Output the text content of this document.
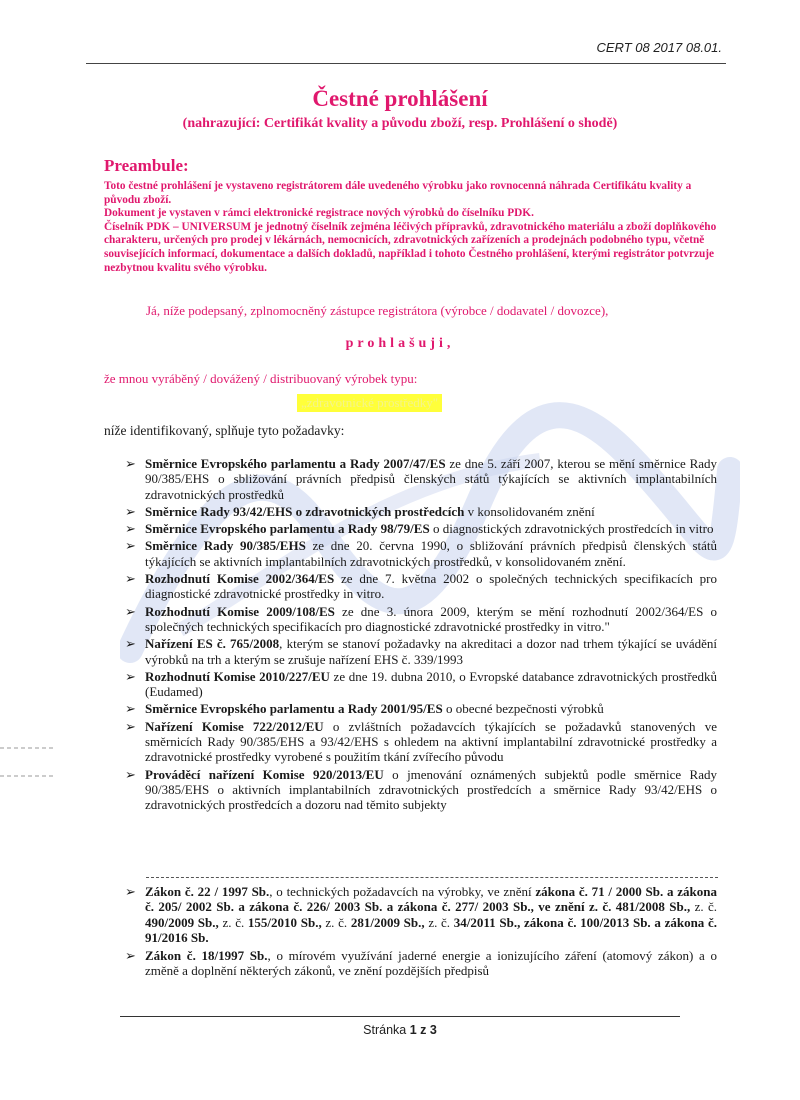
CERT 08 2017 08.01.
Čestné prohlášení
(nahrazující: Certifikát kvality a původu zboží, resp. Prohlášení o shodě)
Preambule:

Toto čestné prohlášení je vystaveno registrátorem dále uvedeného výrobku jako rovnocenná náhrada Certifikátu kvality a původu zboží.

Dokument je vystaven v rámci elektronické registrace nových výrobků do číselníku PDK.

Číselník PDK – UNIVERSUM je jednotný číselník zejména léčivých přípravků, zdravotnického materiálu a zboží doplňkového charakteru, určených pro prodej v lékárnách, nemocnicích, zdravotnických zařízeních a prodejnách podobného typu, včetně souvisejících informací, dokumentace a dalších dokladů, například i tohoto Čestného prohlášení, kterými registrátor potvrzuje nezbytnou kvalitu svého výrobku.

Já, níže podepsaný, zplnomocněný zástupce registrátora (výrobce / dodavatel / dovozce),
prohlašuji,
že mnou vyráběný / dovážený / distribuovaný výrobek typu:
„zdravotnické prostředky"
níže identifikovaný, splňuje tyto požadavky:
➢ Směrnice Evropského parlamentu a Rady 2007/47/ES ze dne 5. září 2007, kterou se mění směrnice Rady 90/385/EHS o sbližování právních předpisů členských států týkajících se aktivních implantabilních zdravotnických prostředků
➢ Směrnice Rady 93/42/EHS o zdravotnických prostředcích v konsolidovaném znění
➢ Směrnice Evropského parlamentu a Rady 98/79/ES o diagnostických zdravotnických prostředcích in vitro
➢ Směrnice Rady 90/385/EHS ze dne 20. června 1990, o sbližování právních předpisů členských států týkajících se aktivních implantabilních zdravotnických prostředků, v konsolidovaném znění.
➢ Rozhodnutí Komise 2002/364/ES ze dne 7. května 2002 o společných technických specifikacích pro diagnostické zdravotnické prostředky in vitro.
➢ Rozhodnutí Komise 2009/108/ES ze dne 3. února 2009, kterým se mění rozhodnutí 2002/364/ES o společných technických specifikacích pro diagnostické zdravotnické prostředky in vitro."
➢ Nařízení ES č. 765/2008, kterým se stanoví požadavky na akreditaci a dozor nad trhem týkající se uvádění výrobků na trh a kterým se zrušuje nařízení EHS č. 339/1993
➢ Rozhodnutí Komise 2010/227/EU ze dne 19. dubna 2010, o Evropské databance zdravotnických prostředků (Eudamed)
➢ Směrnice Evropského parlamentu a Rady 2001/95/ES o obecné bezpečnosti výrobků
➢ Nařízení Komise 722/2012/EU o zvláštních požadavcích týkajících se požadavků stanovených ve směrnicích Rady 90/385/EHS a 93/42/EHS s ohledem na aktivní implantabilní zdravotnické prostředky a zdravotnické prostředky vyrobené s použitím tkání zvířecího původu
➢ Prováděcí nařízení Komise 920/2013/EU o jmenování oznámených subjektů podle směrnice Rady 90/385/EHS o aktivních implantabilních zdravotnických prostředcích a směrnice Rady 93/42/EHS o zdravotnických prostředcích a dozoru nad těmito subjekty
➢ Zákon č. 22 / 1997 Sb., o technických požadavcích na výrobky, ve znění zákona č. 71 / 2000 Sb. a zákona č. 205/ 2002 Sb. a zákona č. 226/ 2003 Sb. a zákona č. 277/ 2003 Sb., ve znění z. č. 481/2008 Sb., z. č. 490/2009 Sb., z. č. 155/2010 Sb., z. č. 281/2009 Sb., z. č. 34/2011 Sb., zákona č. 100/2013 Sb. a zákona č. 91/2016 Sb.
➢ Zákon č. 18/1997 Sb., o mírovém využívání jaderné energie a ionizujícího záření (atomový zákon) a o změně a doplnění některých zákonů, ve znění pozdějších předpisů
Stránka 1 z 3
